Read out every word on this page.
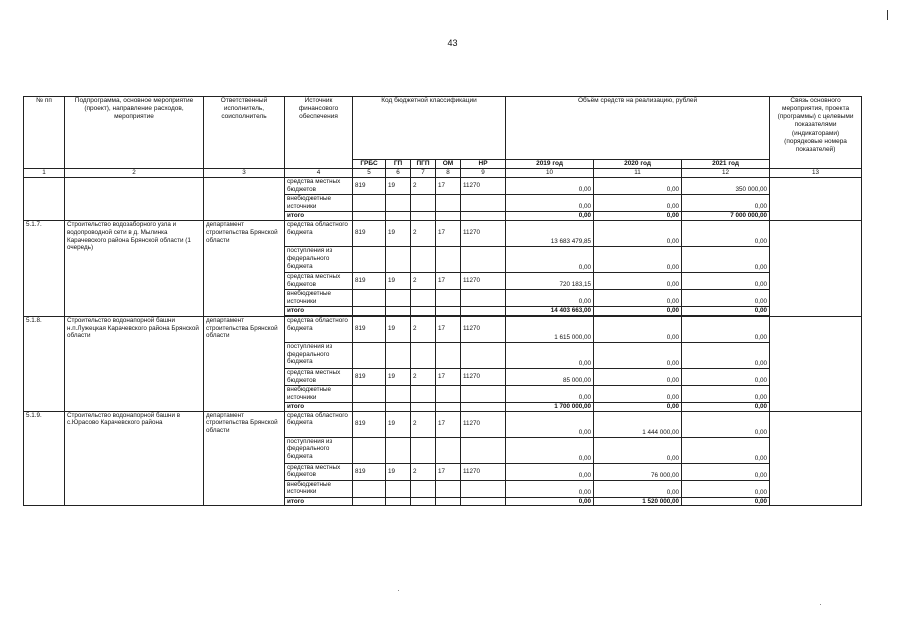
43
№ пп	Подпрограмма, основное мероприятие (проект), направление расходов, мероприятие	Ответственный исполнитель, соисполнитель	Источник финансового обеспечения	Код бюджетной классификации					Объём средств на реализацию, рублей			Связь основного мероприятия, проекта (программы) с целевыми показателями (индикаторами) (порядковые номера показателей)
				ГРБС	ГП	ПГП	ОМ	НР	2019 год	2020 год	2021 год	
1	2	3	4	5	6	7	8	9	10	11	12	13
			средства местных бюджетов	819	19	2	17	11270	0,00	0,00	350 000,00	
			внебюджетные источники						0,00	0,00	0,00	
			итого						0,00	0,00	7 000 000,00	
5.1.7.	Строительство водозаборного узла и водопроводной сети в д. Мылинка Карачевского района Брянской области (1 очередь)	департамент строительства Брянской области	средства областного бюджета	819	19	2	17	11270	13 683 479,85	0,00	0,00	
			поступления из федерального бюджета						0,00	0,00	0,00	
			средства местных бюджетов	819	19	2	17	11270	720 183,15	0,00	0,00	
			внебюджетные источники						0,00	0,00	0,00	
			итого						14 403 663,00	0,00	0,00	

5.1.8.	Строительство водонапорной башни н.п.Лужецкая Карачевского района Брянской области	департамент строительства Брянской области	средства областного бюджета	819	19	2	17	11270	1 615 000,00	0,00	0,00	
			поступления из федерального бюджета						0,00	0,00	0,00	
			средства местных бюджетов	819	19	2	17	11270	85 000,00	0,00	0,00	
			внебюджетные источники						0,00	0,00	0,00	
			итого						1 700 000,00	0,00	0,00	
5.1.9.	Строительство водонапорной башни в с.Юрасово Карачевского района	департамент строительства Брянской области	средства областного бюджета	819	19	2	17	11270	0,00	1 444 000,00	0,00	
			поступления из федерального бюджета						0,00	0,00	0,00	
			средства местных бюджетов	819	19	2	17	11270	0,00	76 000,00	0,00	
			внебюджетные источники						0,00	0,00	0,00	
			итого						0,00	1 520 000,00	0,00	
